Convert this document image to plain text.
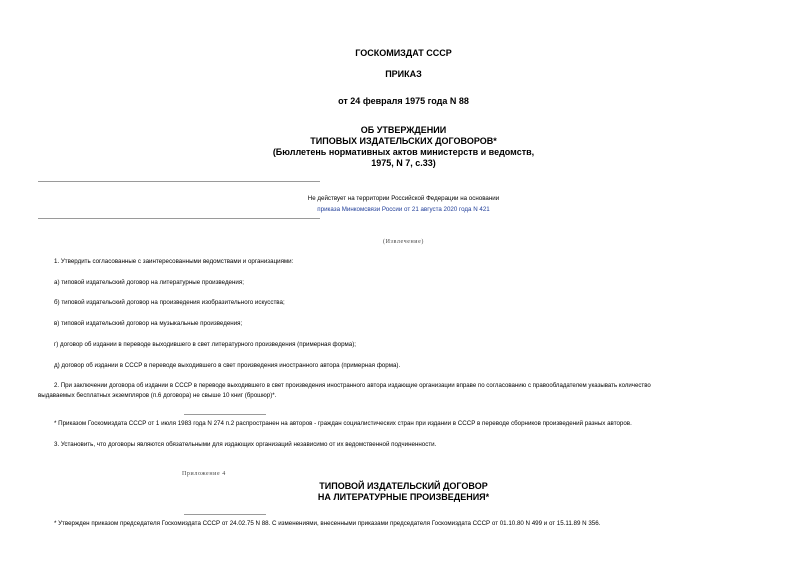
ГОСКОМИЗДАТ СССР
ПРИКАЗ
от 24 февраля 1975 года N 88
ОБ УТВЕРЖДЕНИИ
ТИПОВЫХ ИЗДАТЕЛЬСКИХ ДОГОВОРОВ*
(Бюллетень нормативных актов министерств и ведомств,
1975, N 7, с.33)
Не действует на территории Российской Федерации на основании
приказа Минкомсвязи России от 21 августа 2020 года N 421
(Извлечение)
1. Утвердить согласованные с заинтересованными ведомствами и организациями:
а) типовой издательский договор на литературные произведения;
б) типовой издательский договор на произведения изобразительного искусства;
в) типовой издательский договор на музыкальные произведения;
г) договор об издании в переводе выходившего в свет литературного произведения (примерная форма);
д) договор об издании в СССР в переводе выходившего в свет произведения иностранного автора (примерная форма).
2. При заключении договора об издании в СССР в переводе выходившего в свет произведения иностранного автора издающие организации вправе по согласованию с правообладателем указывать количество
выдаваемых бесплатных экземпляров (п.6 договора) не свыше 10 книг (брошюр)*.
* Приказом Госкомиздата СССР от 1 июля 1983 года N 274 п.2 распространен на авторов - граждан социалистических стран при издании в СССР в переводе сборников произведений разных авторов.
3. Установить, что договоры являются обязательными для издающих организаций независимо от их ведомственной подчиненности.
Приложение 4
ТИПОВОЙ ИЗДАТЕЛЬСКИЙ ДОГОВОР
НА ЛИТЕРАТУРНЫЕ ПРОИЗВЕДЕНИЯ*
* Утвержден приказом председателя Госкомиздата СССР от 24.02.75 N 88. С изменениями, внесенными приказами председателя Госкомиздата СССР от 01.10.80 N 499 и от 15.11.89 N 356.
